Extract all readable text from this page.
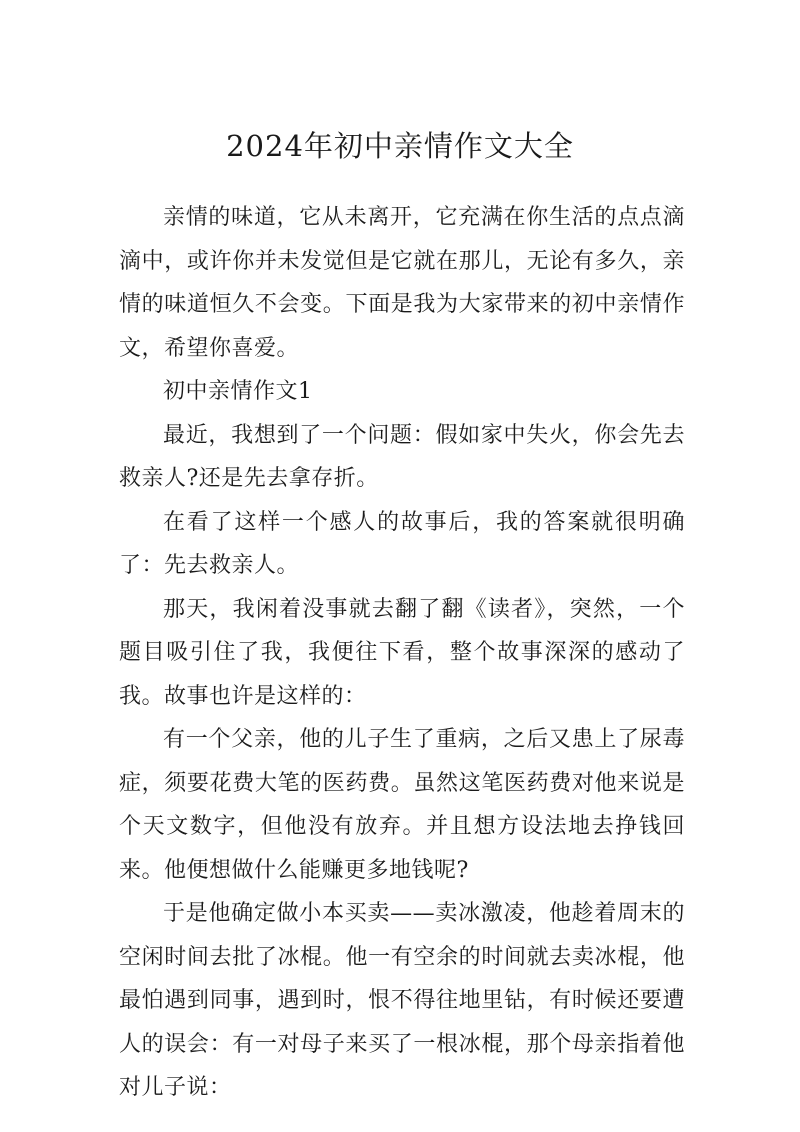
2024年初中亲情作文大全

亲情的味道，它从未离开，它充满在你生活的点点滴滴中，或许你并未发觉但是它就在那儿，无论有多久，亲情的味道恒久不会变。下面是我为大家带来的初中亲情作文，希望你喜爱。

初中亲情作文1

最近，我想到了一个问题：假如家中失火，你会先去救亲人?还是先去拿存折。

在看了这样一个感人的故事后，我的答案就很明确了：先去救亲人。

那天，我闲着没事就去翻了翻《读者》，突然，一个题目吸引住了我，我便往下看，整个故事深深的感动了我。故事也许是这样的：

有一个父亲，他的儿子生了重病，之后又患上了尿毒症，须要花费大笔的医药费。虽然这笔医药费对他来说是个天文数字，但他没有放弃。并且想方设法地去挣钱回来。他便想做什么能赚更多地钱呢?

于是他确定做小本买卖——卖冰激凌，他趁着周末的空闲时间去批了冰棍。他一有空余的时间就去卖冰棍，他最怕遇到同事，遇到时，恨不得往地里钻，有时候还要遭人的误会：有一对母子来买了一根冰棍，那个母亲指着他对儿子说：
